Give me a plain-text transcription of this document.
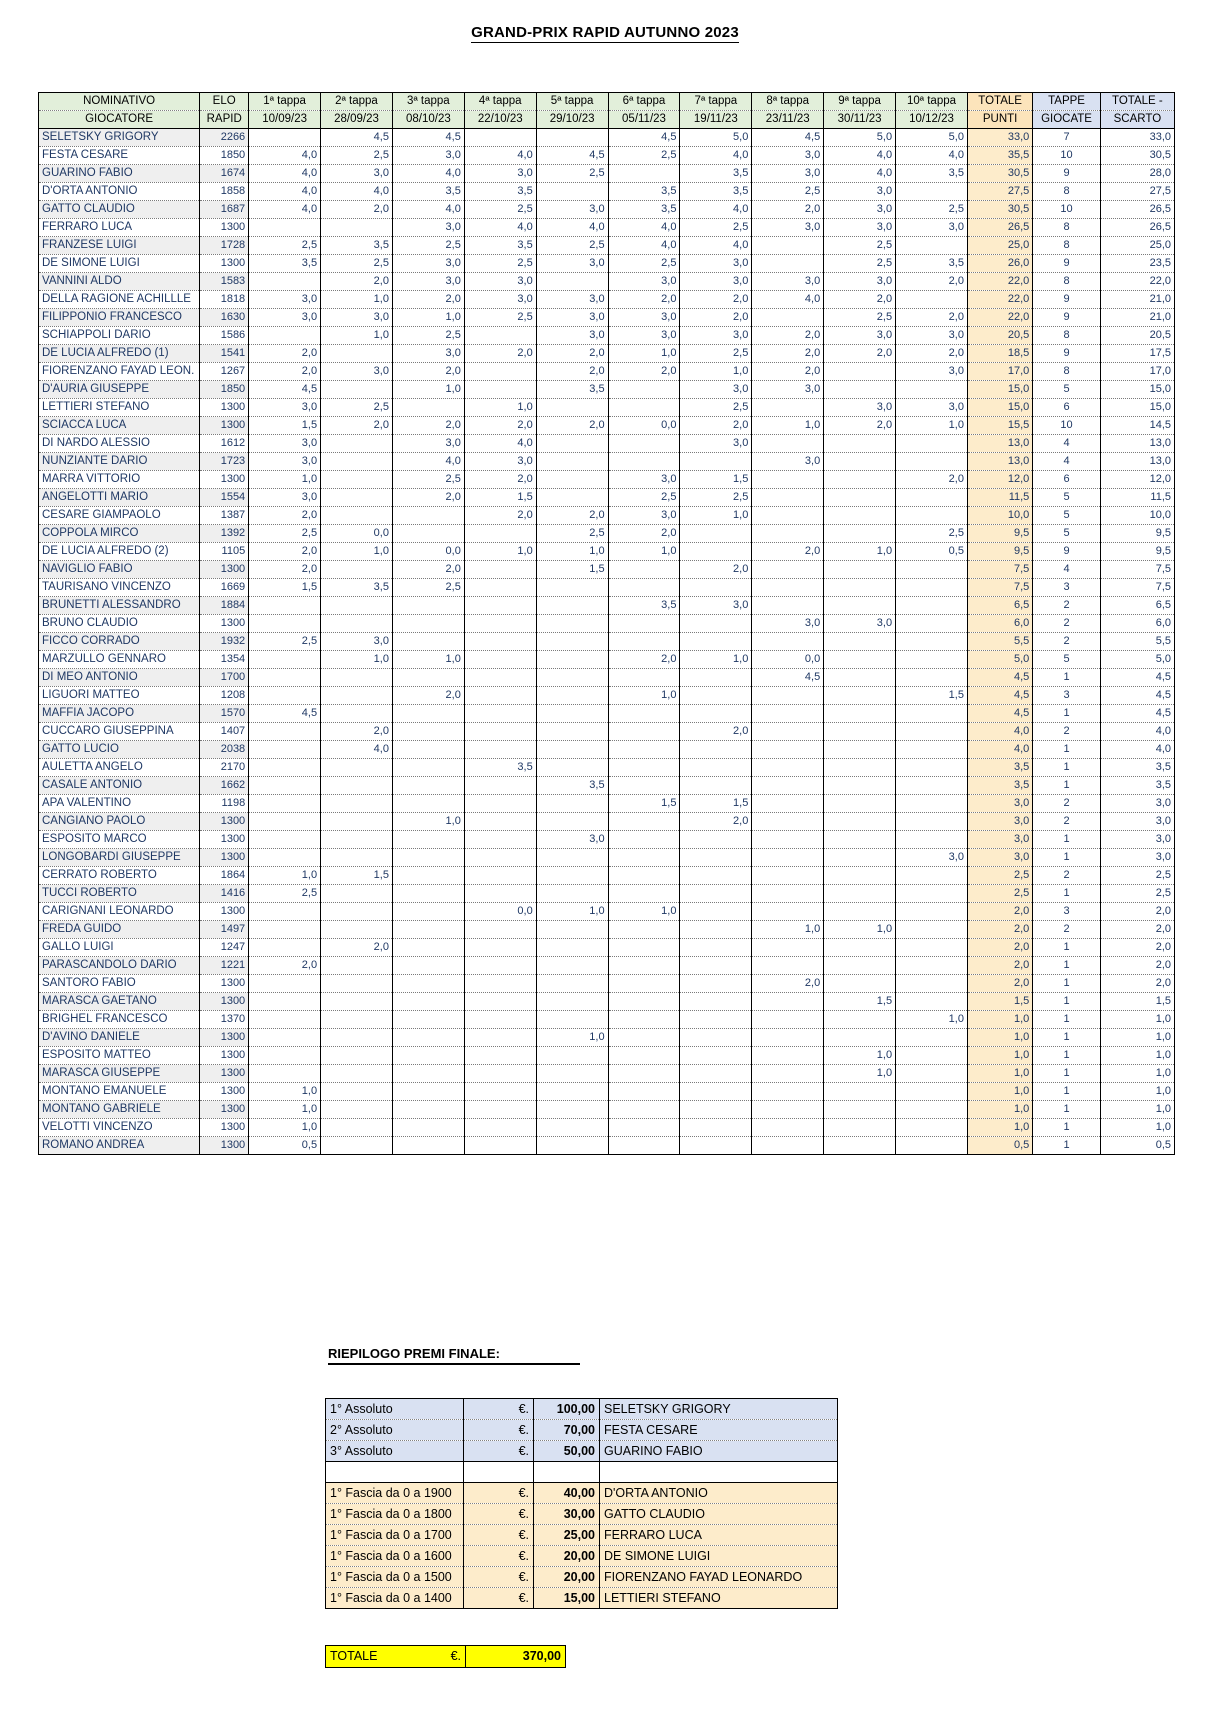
GRAND-PRIX RAPID AUTUNNO 2023
NOMINATIVO	ELO	1ª tappa	2ª tappa	3ª tappa	4ª tappa	5ª tappa	6ª tappa	7ª tappa	8ª tappa	9ª tappa	10ª tappa	TOTALE	TAPPE	TOTALE -
GIOCATORE	RAPID	10/09/23	28/09/23	08/10/23	22/10/23	29/10/23	05/11/23	19/11/23	23/11/23	30/11/23	10/12/23	PUNTI	GIOCATE	SCARTO
SELETSKY GRIGORY	2266		4,5	4,5			4,5	5,0	4,5	5,0	5,0	33,0	7	33,0
FESTA CESARE	1850	4,0	2,5	3,0	4,0	4,5	2,5	4,0	3,0	4,0	4,0	35,5	10	30,5
GUARINO FABIO	1674	4,0	3,0	4,0	3,0	2,5		3,5	3,0	4,0	3,5	30,5	9	28,0
D'ORTA ANTONIO	1858	4,0	4,0	3,5	3,5		3,5	3,5	2,5	3,0		27,5	8	27,5
GATTO CLAUDIO	1687	4,0	2,0	4,0	2,5	3,0	3,5	4,0	2,0	3,0	2,5	30,5	10	26,5
FERRARO LUCA	1300			3,0	4,0	4,0	4,0	2,5	3,0	3,0	3,0	26,5	8	26,5
FRANZESE LUIGI	1728	2,5	3,5	2,5	3,5	2,5	4,0	4,0		2,5		25,0	8	25,0
DE SIMONE LUIGI	1300	3,5	2,5	3,0	2,5	3,0	2,5	3,0		2,5	3,5	26,0	9	23,5
VANNINI ALDO	1583		2,0	3,0	3,0		3,0	3,0	3,0	3,0	2,0	22,0	8	22,0
DELLA RAGIONE ACHILLLE	1818	3,0	1,0	2,0	3,0	3,0	2,0	2,0	4,0	2,0		22,0	9	21,0
FILIPPONIO FRANCESCO	1630	3,0	3,0	1,0	2,5	3,0	3,0	2,0		2,5	2,0	22,0	9	21,0
SCHIAPPOLI DARIO	1586		1,0	2,5		3,0	3,0	3,0	2,0	3,0	3,0	20,5	8	20,5
DE LUCIA ALFREDO (1)	1541	2,0		3,0	2,0	2,0	1,0	2,5	2,0	2,0	2,0	18,5	9	17,5
FIORENZANO FAYAD LEON.	1267	2,0	3,0	2,0		2,0	2,0	1,0	2,0		3,0	17,0	8	17,0
D'AURIA GIUSEPPE	1850	4,5		1,0		3,5		3,0	3,0			15,0	5	15,0
LETTIERI STEFANO	1300	3,0	2,5		1,0			2,5		3,0	3,0	15,0	6	15,0
SCIACCA LUCA	1300	1,5	2,0	2,0	2,0	2,0	0,0	2,0	1,0	2,0	1,0	15,5	10	14,5
DI NARDO ALESSIO	1612	3,0		3,0	4,0			3,0				13,0	4	13,0
NUNZIANTE DARIO	1723	3,0		4,0	3,0				3,0			13,0	4	13,0
MARRA VITTORIO	1300	1,0		2,5	2,0		3,0	1,5			2,0	12,0	6	12,0
ANGELOTTI MARIO	1554	3,0		2,0	1,5		2,5	2,5				11,5	5	11,5
CESARE GIAMPAOLO	1387	2,0			2,0	2,0	3,0	1,0				10,0	5	10,0
COPPOLA MIRCO	1392	2,5	0,0			2,5	2,0				2,5	9,5	5	9,5
DE LUCIA ALFREDO (2)	1105	2,0	1,0	0,0	1,0	1,0	1,0		2,0	1,0	0,5	9,5	9	9,5
NAVIGLIO FABIO	1300	2,0		2,0		1,5		2,0				7,5	4	7,5
TAURISANO VINCENZO	1669	1,5	3,5	2,5								7,5	3	7,5
BRUNETTI ALESSANDRO	1884						3,5	3,0				6,5	2	6,5
BRUNO CLAUDIO	1300								3,0	3,0		6,0	2	6,0
FICCO CORRADO	1932	2,5	3,0									5,5	2	5,5
MARZULLO GENNARO	1354		1,0	1,0			2,0	1,0	0,0			5,0	5	5,0
DI MEO ANTONIO	1700								4,5			4,5	1	4,5
LIGUORI MATTEO	1208			2,0			1,0				1,5	4,5	3	4,5
MAFFIA JACOPO	1570	4,5										4,5	1	4,5
CUCCARO GIUSEPPINA	1407		2,0					2,0				4,0	2	4,0
GATTO LUCIO	2038		4,0									4,0	1	4,0
AULETTA ANGELO	2170				3,5							3,5	1	3,5
CASALE ANTONIO	1662					3,5						3,5	1	3,5
APA VALENTINO	1198						1,5	1,5				3,0	2	3,0
CANGIANO PAOLO	1300			1,0				2,0				3,0	2	3,0
ESPOSITO MARCO	1300					3,0						3,0	1	3,0
LONGOBARDI GIUSEPPE	1300										3,0	3,0	1	3,0
CERRATO ROBERTO	1864	1,0	1,5									2,5	2	2,5
TUCCI ROBERTO	1416	2,5										2,5	1	2,5
CARIGNANI LEONARDO	1300				0,0	1,0	1,0					2,0	3	2,0
FREDA GUIDO	1497								1,0	1,0		2,0	2	2,0
GALLO LUIGI	1247		2,0									2,0	1	2,0
PARASCANDOLO DARIO	1221	2,0										2,0	1	2,0
SANTORO FABIO	1300								2,0			2,0	1	2,0
MARASCA GAETANO	1300									1,5		1,5	1	1,5
BRIGHEL FRANCESCO	1370										1,0	1,0	1	1,0
D'AVINO DANIELE	1300					1,0						1,0	1	1,0
ESPOSITO MATTEO	1300									1,0		1,0	1	1,0
MARASCA GIUSEPPE	1300									1,0		1,0	1	1,0
MONTANO EMANUELE	1300	1,0										1,0	1	1,0
MONTANO GABRIELE	1300	1,0										1,0	1	1,0
VELOTTI VINCENZO	1300	1,0										1,0	1	1,0
ROMANO ANDREA	1300	0,5										0,5	1	0,5
RIEPILOGO PREMI FINALE:
1° Assoluto	€.	100,00	SELETSKY GRIGORY
2° Assoluto	€.	70,00	FESTA CESARE
3° Assoluto	€.	50,00	GUARINO FABIO

1° Fascia da 0 a 1900	€.	40,00	D'ORTA ANTONIO
1° Fascia da 0 a 1800	€.	30,00	GATTO CLAUDIO
1° Fascia da 0 a 1700	€.	25,00	FERRARO LUCA
1° Fascia da 0 a 1600	€.	20,00	DE SIMONE LUIGI
1° Fascia da 0 a 1500	€.	20,00	FIORENZANO FAYAD LEONARDO
1° Fascia da 0 a 1400	€.	15,00	LETTIERI STEFANO
TOTALE	€.	370,00
